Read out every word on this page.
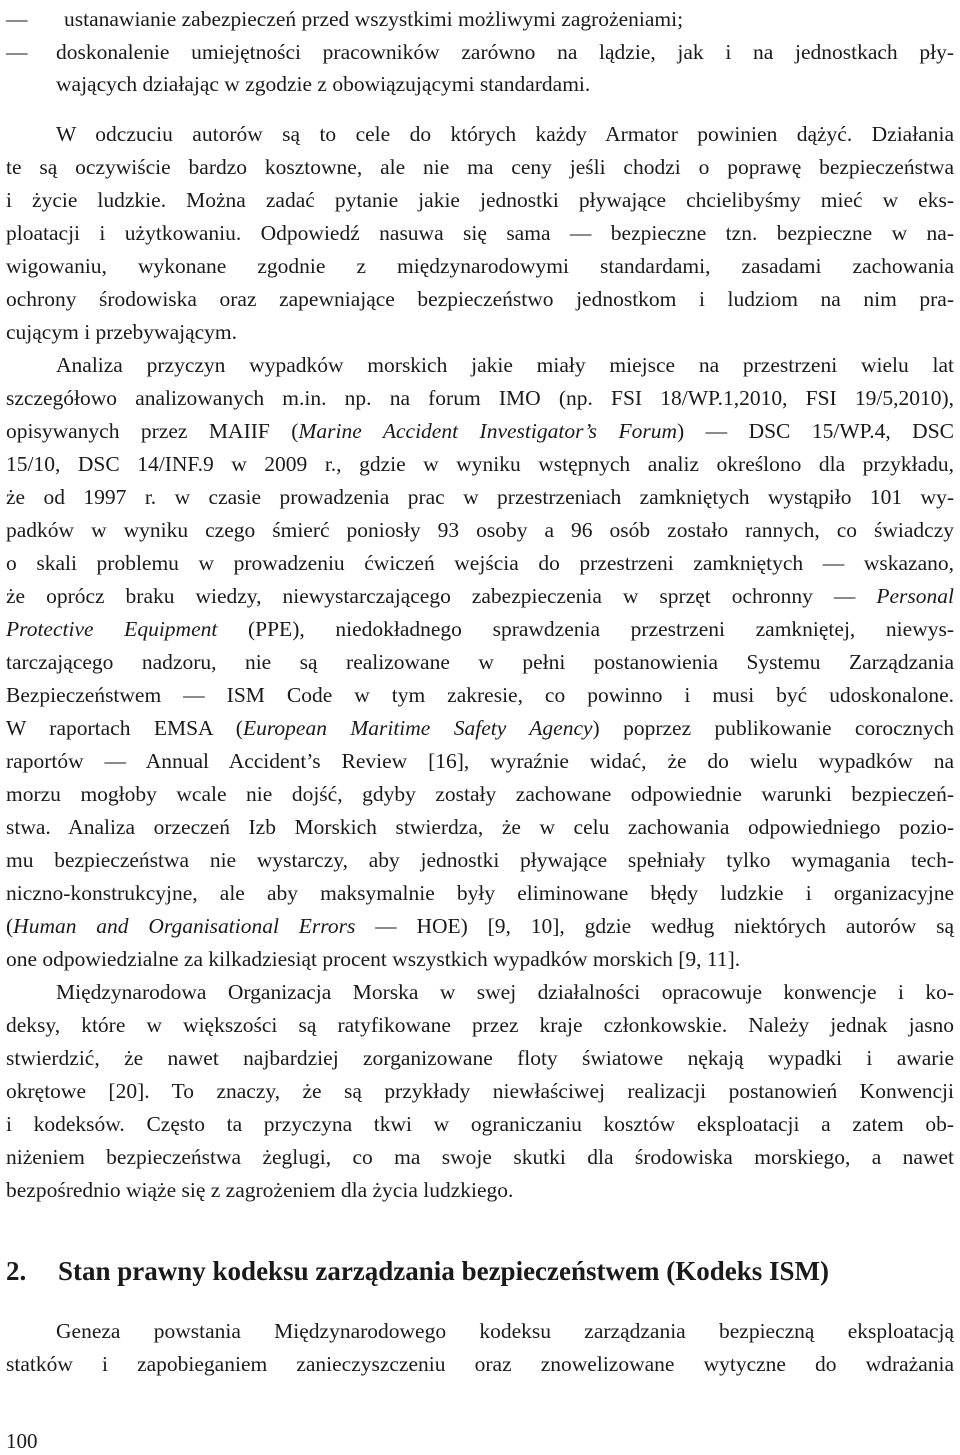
— ustanawianie zabezpieczeń przed wszystkimi możliwymi zagrożeniami;
— doskonalenie umiejętności pracowników zarówno na lądzie, jak i na jednostkach pły-
wających działając w zgodzie z obowiązującymi standardami.
W odczuciu autorów są to cele do których każdy Armator powinien dążyć. Działania
te są oczywiście bardzo kosztowne, ale nie ma ceny jeśli chodzi o poprawę bezpieczeństwa
i życie ludzkie. Można zadać pytanie jakie jednostki pływające chcielibyśmy mieć w eks-
ploatacji i użytkowaniu. Odpowiedź nasuwa się sama — bezpieczne tzn. bezpieczne w na-
wigowaniu, wykonane zgodnie z międzynarodowymi standardami, zasadami zachowania
ochrony środowiska oraz zapewniające bezpieczeństwo jednostkom i ludziom na nim pra-
cującym i przebywającym.
Analiza przyczyn wypadków morskich jakie miały miejsce na przestrzeni wielu lat
szczegółowo analizowanych m.in. np. na forum IMO (np. FSI 18/WP.1,2010, FSI 19/5,2010),
opisywanych przez MAIIF (Marine Accident Investigator’s Forum) — DSC 15/WP.4, DSC
15/10, DSC 14/INF.9 w 2009 r., gdzie w wyniku wstępnych analiz określono dla przykładu,
że od 1997 r. w czasie prowadzenia prac w przestrzeniach zamkniętych wystąpiło 101 wy-
padków w wyniku czego śmierć poniosły 93 osoby a 96 osób zostało rannych, co świadczy
o skali problemu w prowadzeniu ćwiczeń wejścia do przestrzeni zamkniętych — wskazano,
że oprócz braku wiedzy, niewystarczającego zabezpieczenia w sprzęt ochronny — Personal
Protective Equipment (PPE), niedokładnego sprawdzenia przestrzeni zamkniętej, niewys-
tarczającego nadzoru, nie są realizowane w pełni postanowienia Systemu Zarządzania
Bezpieczeństwem — ISM Code w tym zakresie, co powinno i musi być udoskonalone.
W raportach EMSA (European Maritime Safety Agency) poprzez publikowanie corocznych
raportów — Annual Accident’s Review [16], wyraźnie widać, że do wielu wypadków na
morzu mogłoby wcale nie dojść, gdyby zostały zachowane odpowiednie warunki bezpieczeń-
stwa. Analiza orzeczeń Izb Morskich stwierdza, że w celu zachowania odpowiedniego pozio-
mu bezpieczeństwa nie wystarczy, aby jednostki pływające spełniały tylko wymagania tech-
niczno-konstrukcyjne, ale aby maksymalnie były eliminowane błędy ludzkie i organizacyjne
(Human and Organisational Errors — HOE) [9, 10], gdzie według niektórych autorów są
one odpowiedzialne za kilkadziesiąt procent wszystkich wypadków morskich [9, 11].
Międzynarodowa Organizacja Morska w swej działalności opracowuje konwencje i ko-
deksy, które w większości są ratyfikowane przez kraje członkowskie. Należy jednak jasno
stwierdzić, że nawet najbardziej zorganizowane floty światowe nękają wypadki i awarie
okrętowe [20]. To znaczy, że są przykłady niewłaściwej realizacji postanowień Konwencji
i kodeksów. Często ta przyczyna tkwi w ograniczaniu kosztów eksploatacji a zatem ob-
niżeniem bezpieczeństwa żeglugi, co ma swoje skutki dla środowiska morskiego, a nawet
bezpośrednio wiąże się z zagrożeniem dla życia ludzkiego.
2. Stan prawny kodeksu zarządzania bezpieczeństwem (Kodeks ISM)
Geneza powstania Międzynarodowego kodeksu zarządzania bezpieczną eksploatacją
statków i zapobieganiem zanieczyszczeniu oraz znowelizowane wytyczne do wdrażania
100
